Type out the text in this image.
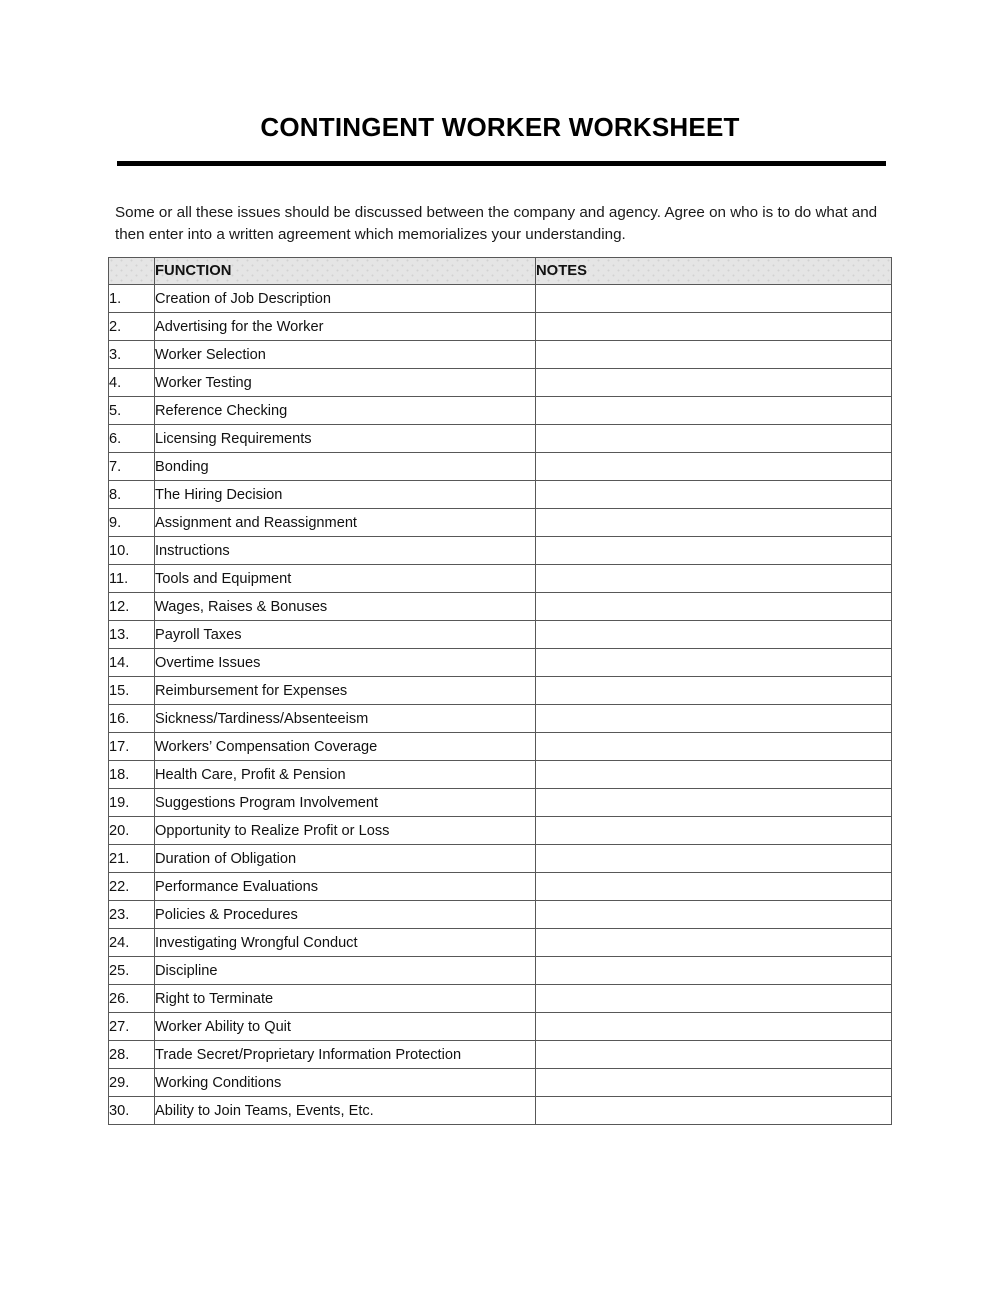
CONTINGENT WORKER WORKSHEET
Some or all these issues should be discussed between the company and agency. Agree on who is to do what and then enter into a written agreement which memorializes your understanding.
	FUNCTION	NOTES
1.	Creation of Job Description	
2.	Advertising for the Worker	
3.	Worker Selection	
4.	Worker Testing	
5.	Reference Checking	
6.	Licensing Requirements	
7.	Bonding	
8.	The Hiring Decision	
9.	Assignment and Reassignment	
10.	Instructions	
11.	Tools and Equipment	
12.	Wages, Raises & Bonuses	
13.	Payroll Taxes	
14.	Overtime Issues	
15.	Reimbursement for Expenses	
16.	Sickness/Tardiness/Absenteeism	
17.	Workers’ Compensation Coverage	
18.	Health Care, Profit & Pension	
19.	Suggestions Program Involvement	
20.	Opportunity to Realize Profit or Loss	
21.	Duration of Obligation	
22.	Performance Evaluations	
23.	Policies & Procedures	
24.	Investigating Wrongful Conduct	
25.	Discipline	
26.	Right to Terminate	
27.	Worker Ability to Quit	
28.	Trade Secret/Proprietary Information Protection	
29.	Working Conditions	
30.	Ability to Join Teams, Events, Etc.	
